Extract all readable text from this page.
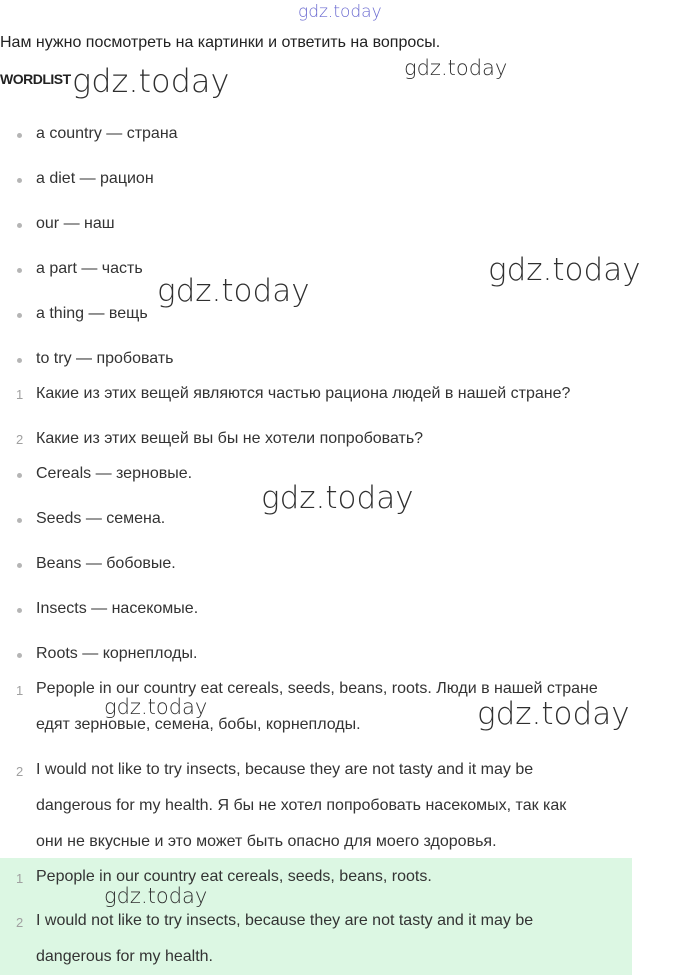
gdz.today
Нам нужно посмотреть на картинки и ответить на вопросы.
WORDLIST
a country — страна
a diet — рацион
our — наш
a part — часть
a thing — вещь
to try — пробовать
1 Какие из этих вещей являются частью рациона людей в нашей стране?
2 Какие из этих вещей вы бы не хотели попробовать?
Cereals — зерновые.
Seeds — семена.
Beans — бобовые.
Insects — насекомые.
Roots — корнеплоды.
1 Pepople in our country eat cereals, seeds, beans, roots. Люди в нашей стране
едят зерновые, семена, бобы, корнеплоды.
2 I would not like to try insects, because they are not tasty and it may be
dangerous for my health. Я бы не хотел попробовать насекомых, так как
они не вкусные и это может быть опасно для моего здоровья.
1 Pepople in our country eat cereals, seeds, beans, roots.
2 I would not like to try insects, because they are not tasty and it may be
dangerous for my health.
gdz.today	gdz.today
gdz.today
gdz.today
gdz.today
gdz.today	gdz.today
gdz.today
